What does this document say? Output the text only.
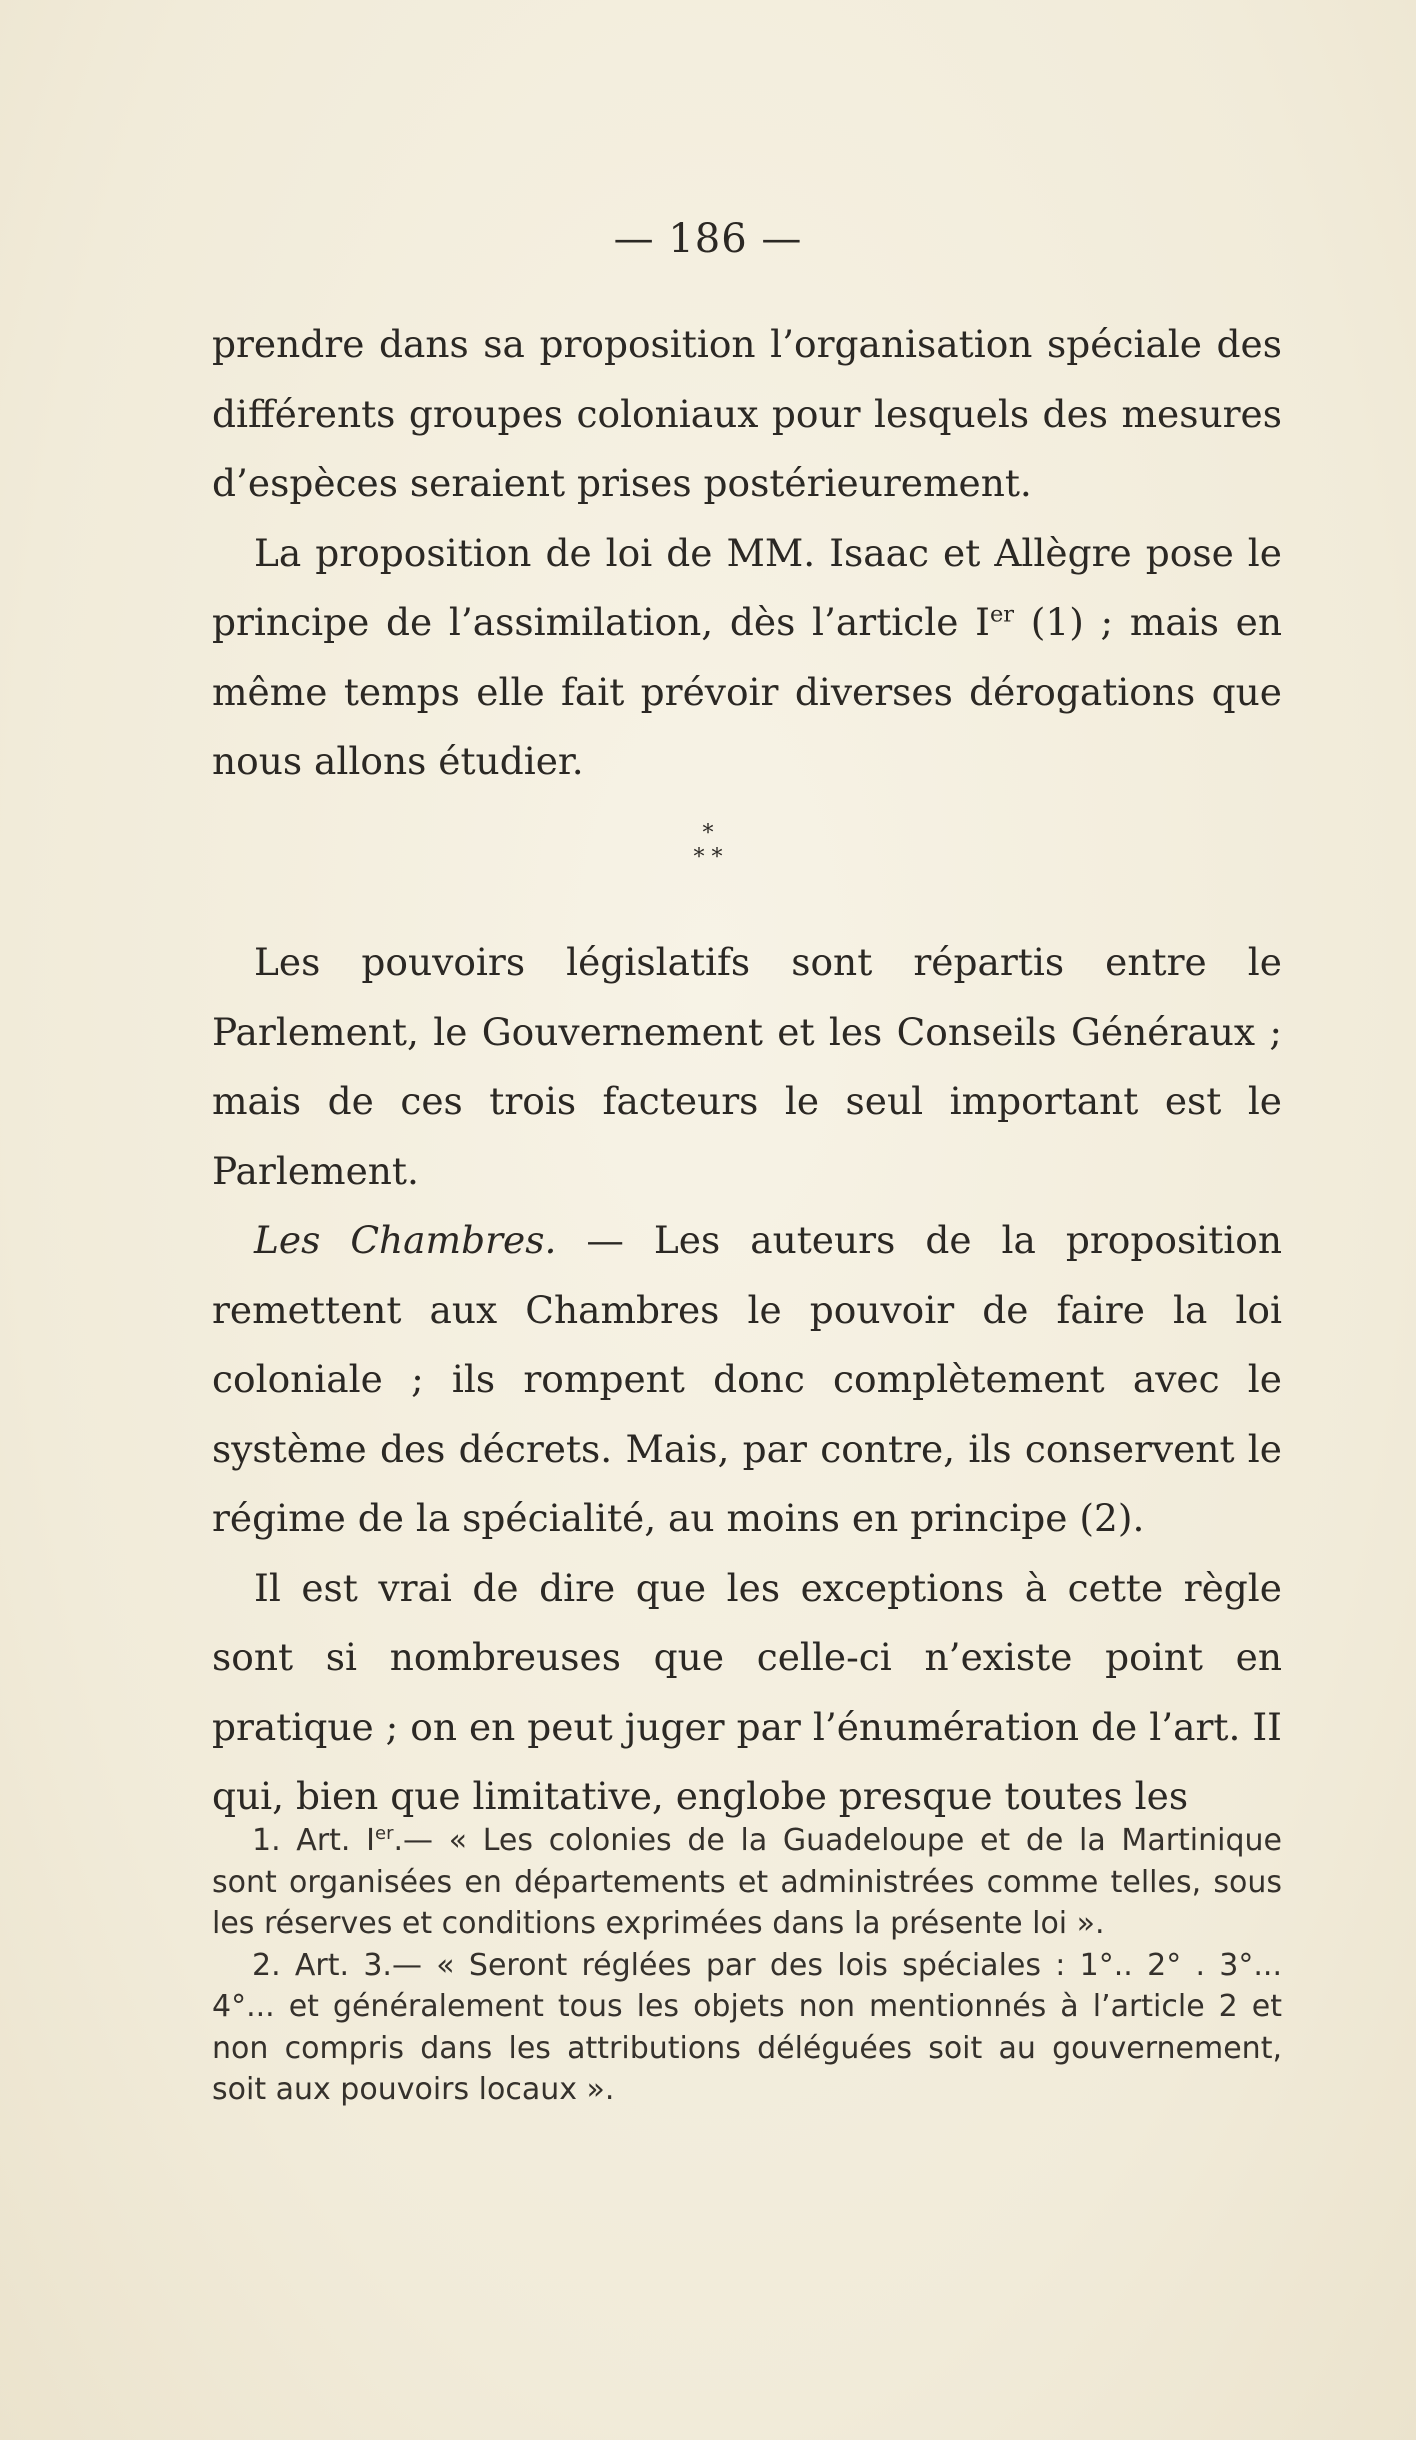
— 186 —

prendre dans sa proposition l’organisation spéciale des différents groupes coloniaux pour lesquels des mesures d’espèces seraient prises postérieurement.

La proposition de loi de MM. Isaac et Allègre pose le principe de l’assimilation, dès l’article Ier (1) ; mais en même temps elle fait prévoir diverses dérogations que nous allons étudier.

*
* *

Les pouvoirs législatifs sont répartis entre le Parlement, le Gouvernement et les Conseils Généraux ; mais de ces trois facteurs le seul important est le Parlement.

Les Chambres. — Les auteurs de la proposition remettent aux Chambres le pouvoir de faire la loi coloniale ; ils rompent donc complètement avec le système des décrets. Mais, par contre, ils conservent le régime de la spécialité, au moins en principe (2).

Il est vrai de dire que les exceptions à cette règle sont si nombreuses que celle-ci n’existe point en pratique ; on en peut juger par l’énumération de l’art. II qui, bien que limitative, englobe presque toutes les

1. Art. Ier.— « Les colonies de la Guadeloupe et de la Martinique sont organisées en départements et administrées comme telles, sous les réserves et conditions exprimées dans la présente loi ».

2. Art. 3.— « Seront réglées par des lois spéciales : 1°.. 2° . 3°... 4°... et généralement tous les objets non mentionnés à l’article 2 et non compris dans les attributions déléguées soit au gouvernement, soit aux pouvoirs locaux ».
